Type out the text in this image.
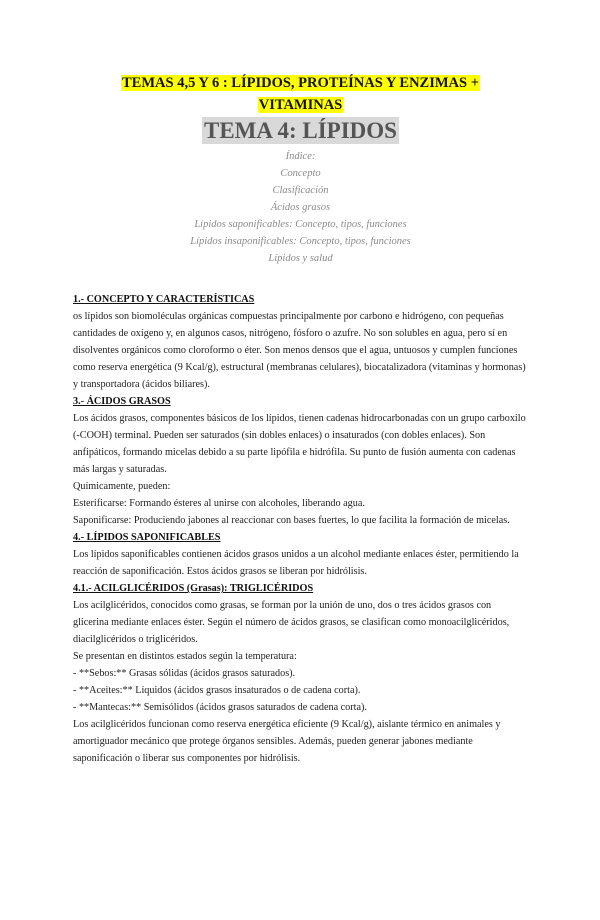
TEMAS 4,5 Y 6 : LÍPIDOS, PROTEÍNAS Y ENZIMAS +
VITAMINAS
TEMA 4: LÍPIDOS
Índice:
Concepto
Clasificación
Ácidos grasos
Lípidos saponificables: Concepto, tipos, funciones
Lípidos insaponificables: Concepto, tipos, funciones
Lípidos y salud

1.- CONCEPTO Y CARACTERÍSTICAS

os lípidos son biomoléculas orgánicas compuestas principalmente por carbono e hidrógeno, con pequeñas cantidades de oxígeno y, en algunos casos, nitrógeno, fósforo o azufre. No son solubles en agua, pero sí en disolventes orgánicos como cloroformo o éter. Son menos densos que el agua, untuosos y cumplen funciones como reserva energética (9 Kcal/g), estructural (membranas celulares), biocatalizadora (vitaminas y hormonas) y transportadora (ácidos biliares).

3.- ÁCIDOS GRASOS

Los ácidos grasos, componentes básicos de los lípidos, tienen cadenas hidrocarbonadas con un grupo carboxilo (-COOH) terminal. Pueden ser saturados (sin dobles enlaces) o insaturados (con dobles enlaces). Son anfipáticos, formando micelas debido a su parte lipófila e hidrófila. Su punto de fusión aumenta con cadenas más largas y saturadas.

Químicamente, pueden:

Esterificarse: Formando ésteres al unirse con alcoholes, liberando agua.

Saponificarse: Produciendo jabones al reaccionar con bases fuertes, lo que facilita la formación de micelas.

4.- LÍPIDOS SAPONIFICABLES

Los lípidos saponificables contienen ácidos grasos unidos a un alcohol mediante enlaces éster, permitiendo la reacción de saponificación. Estos ácidos grasos se liberan por hidrólisis.

4.1.- ACILGLICÉRIDOS (Grasas): TRIGLICÉRIDOS

Los acilglicéridos, conocidos como grasas, se forman por la unión de uno, dos o tres ácidos grasos con glicerina mediante enlaces éster. Según el número de ácidos grasos, se clasifican como monoacilglicéridos, diacilglicéridos o triglicéridos.

Se presentan en distintos estados según la temperatura:

- **Sebos:** Grasas sólidas (ácidos grasos saturados).

- **Aceites:** Líquidos (ácidos grasos insaturados o de cadena corta).

- **Mantecas:** Semisólidos (ácidos grasos saturados de cadena corta).

Los acilglicéridos funcionan como reserva energética eficiente (9 Kcal/g), aislante térmico en animales y amortiguador mecánico que protege órganos sensibles. Además, pueden generar jabones mediante saponificación o liberar sus componentes por hidrólisis.
